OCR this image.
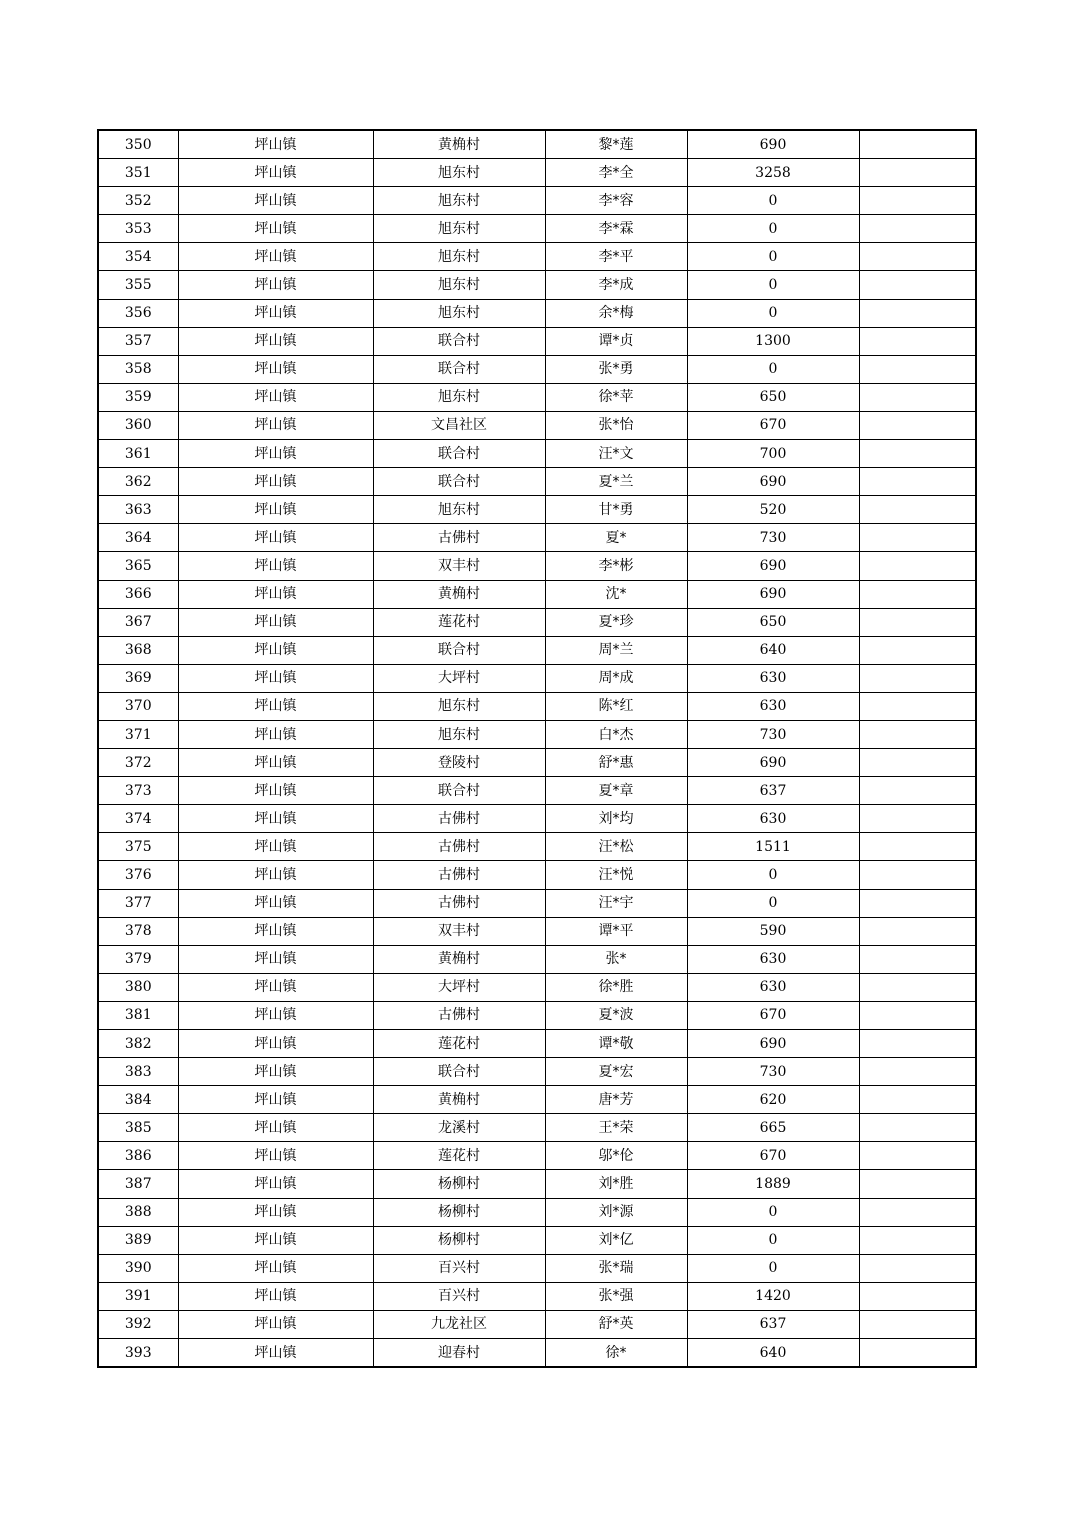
350	坪山镇	黄桷村	黎*莲	690	
351	坪山镇	旭东村	李*全	3258	
352	坪山镇	旭东村	李*容	0	
353	坪山镇	旭东村	李*霖	0	
354	坪山镇	旭东村	李*平	0	
355	坪山镇	旭东村	李*成	0	
356	坪山镇	旭东村	余*梅	0	
357	坪山镇	联合村	谭*贞	1300	
358	坪山镇	联合村	张*勇	0	
359	坪山镇	旭东村	徐*苹	650	
360	坪山镇	文昌社区	张*怡	670	
361	坪山镇	联合村	汪*文	700	
362	坪山镇	联合村	夏*兰	690	
363	坪山镇	旭东村	甘*勇	520	
364	坪山镇	古佛村	夏*	730	
365	坪山镇	双丰村	李*彬	690	
366	坪山镇	黄桷村	沈*	690	
367	坪山镇	莲花村	夏*珍	650	
368	坪山镇	联合村	周*兰	640	
369	坪山镇	大坪村	周*成	630	
370	坪山镇	旭东村	陈*红	630	
371	坪山镇	旭东村	白*杰	730	
372	坪山镇	登陵村	舒*惠	690	
373	坪山镇	联合村	夏*章	637	
374	坪山镇	古佛村	刘*均	630	
375	坪山镇	古佛村	汪*松	1511	
376	坪山镇	古佛村	汪*悦	0	
377	坪山镇	古佛村	汪*宇	0	
378	坪山镇	双丰村	谭*平	590	
379	坪山镇	黄桷村	张*	630	
380	坪山镇	大坪村	徐*胜	630	
381	坪山镇	古佛村	夏*波	670	
382	坪山镇	莲花村	谭*敬	690	
383	坪山镇	联合村	夏*宏	730	
384	坪山镇	黄桷村	唐*芳	620	
385	坪山镇	龙溪村	王*荣	665	
386	坪山镇	莲花村	邬*伦	670	
387	坪山镇	杨柳村	刘*胜	1889	
388	坪山镇	杨柳村	刘*源	0	
389	坪山镇	杨柳村	刘*亿	0	
390	坪山镇	百兴村	张*瑞	0	
391	坪山镇	百兴村	张*强	1420	
392	坪山镇	九龙社区	舒*英	637	
393	坪山镇	迎春村	徐*	640	
